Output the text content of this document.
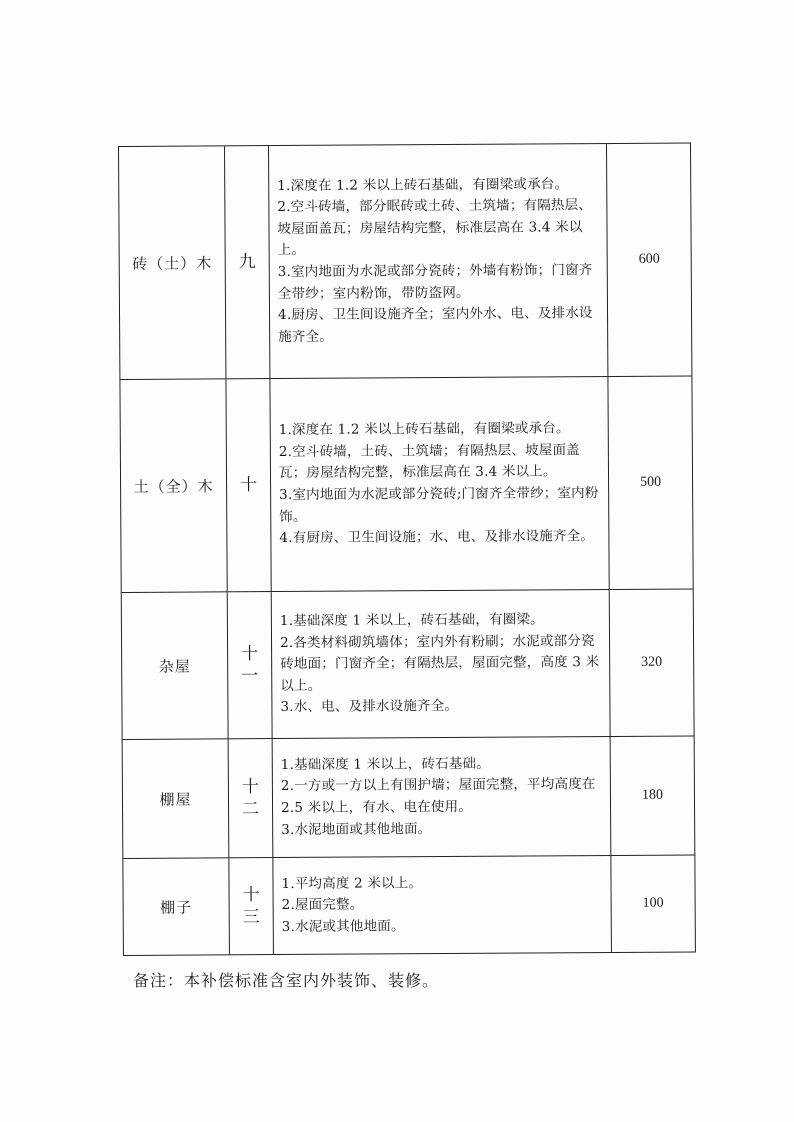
砖（土）木	九
1.深度在 1.2 米以上砖石基础，有圈梁或承台。
2.空斗砖墙，部分眠砖或土砖、土筑墙；有隔热层、坡屋面盖瓦；房屋结构完整，标准层高在 3.4 米以上。
3.室内地面为水泥或部分瓷砖；外墙有粉饰；门窗齐全带纱；室内粉饰，带防盗网。
4.厨房、卫生间设施齐全；室内外水、电、及排水设施齐全。
600
土（全）木	十
1.深度在 1.2 米以上砖石基础，有圈梁或承台。
2.空斗砖墙，土砖、土筑墙；有隔热层、坡屋面盖瓦；房屋结构完整，标准层高在 3.4 米以上。
3.室内地面为水泥或部分瓷砖;门窗齐全带纱；室内粉饰。
4.有厨房、卫生间设施；水、电、及排水设施齐全。
500
杂屋
十
一
1.基础深度 1 米以上，砖石基础，有圈梁。
2.各类材料砌筑墙体；室内外有粉刷；水泥或部分瓷砖地面；门窗齐全；有隔热层，屋面完整，高度 3 米以上。
3.水、电、及排水设施齐全。
320
棚屋
十
二
1.基础深度 1 米以上，砖石基础。
2.一方或一方以上有围护墙；屋面完整，平均高度在 2.5 米以上，有水、电在使用。
3.水泥地面或其他地面。
180
棚子
十
三
1.平均高度 2 米以上。
2.屋面完整。
3.水泥或其他地面。
100
备注：本补偿标准含室内外装饰、装修。
